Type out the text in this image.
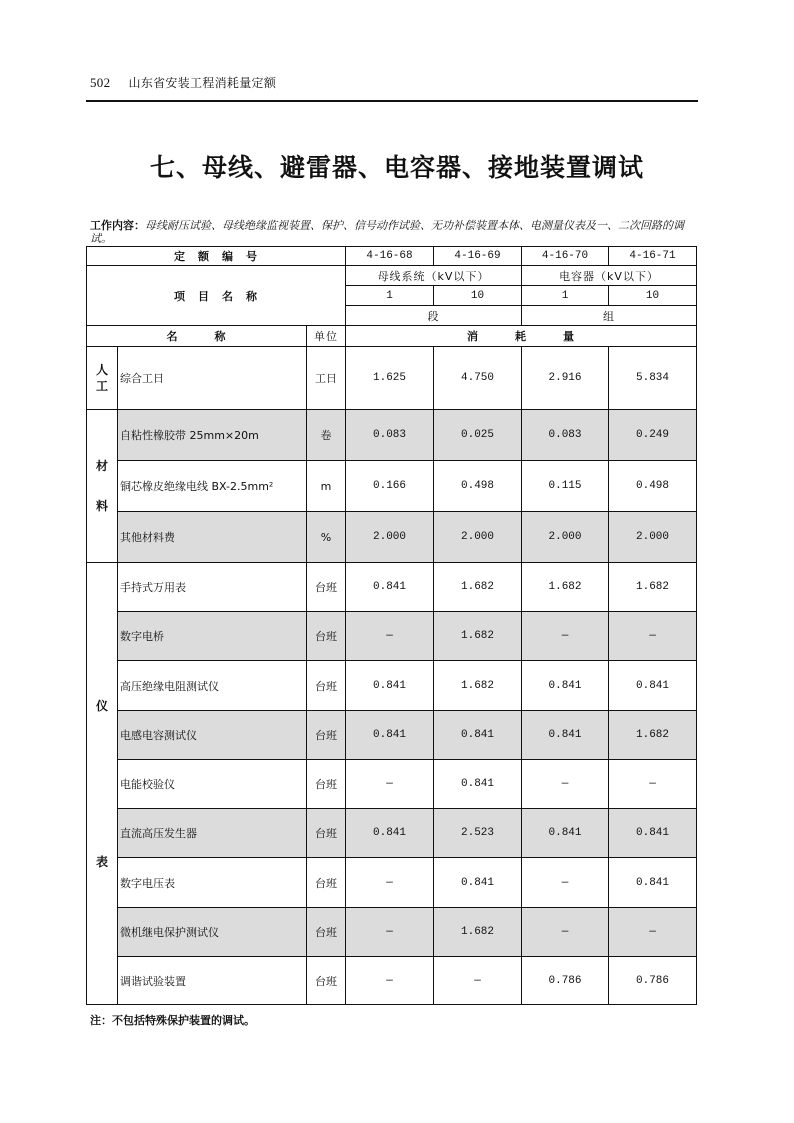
502 山东省安装工程消耗量定额
七、母线、避雷器、电容器、接地装置调试
工作内容：母线耐压试验、母线绝缘监视装置、保护、信号动作试验、无功补偿装置本体、电测量仪表及一、二次回路的调试。
定　额　编　号			4-16-68	4-16-69	4-16-70	4-16-71
项　目　名　称			母线系统（kV以下）		电容器（kV以下）	
			1	10	1	10
			段		组	
名　　　称		单位	消　　　耗　　　量			
人
工	综合工日	工日	1.625	4.750	2.916	5.834

材
料	自粘性橡胶带 25mm×20m	卷	0.083	0.025	0.083	0.249
	铜芯橡皮绝缘电线 BX-2.5mm²	m	0.166	0.498	0.115	0.498
	其他材料费	%	2.000	2.000	2.000	2.000

仪
表	手持式万用表	台班	0.841	1.682	1.682	1.682
	数字电桥	台班	—	1.682	—	—
	高压绝缘电阻测试仪	台班	0.841	1.682	0.841	0.841
	电感电容测试仪	台班	0.841	0.841	0.841	1.682
	电能校验仪	台班	—	0.841	—	—
	直流高压发生器	台班	0.841	2.523	0.841	0.841
	数字电压表	台班	—	0.841	—	0.841
	微机继电保护测试仪	台班	—	1.682	—	—
	调谐试验装置	台班	—	—	0.786	0.786
注：不包括特殊保护装置的调试。
